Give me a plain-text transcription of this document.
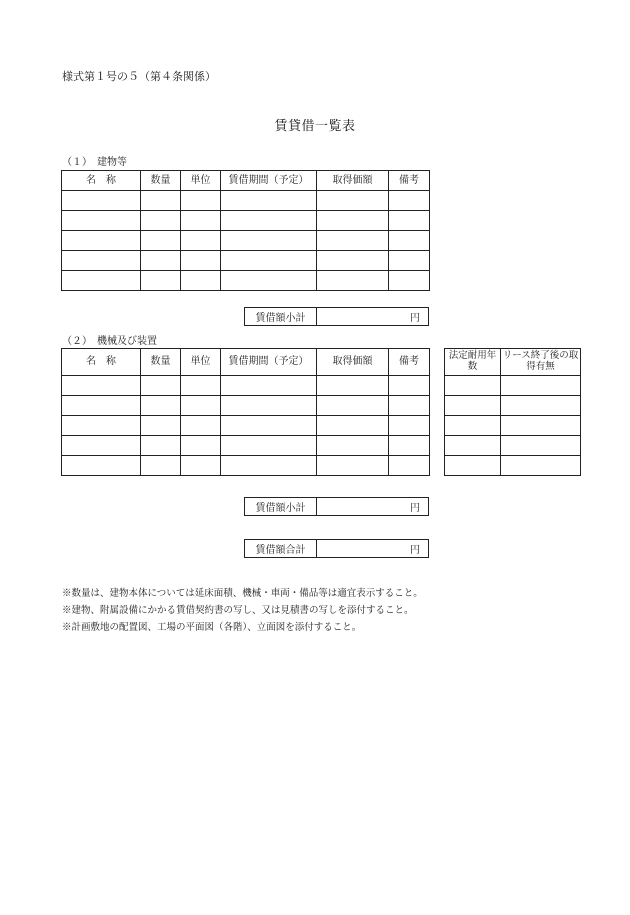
様式第１号の５（第４条関係）
賃貸借一覧表
（１）　建物等
名　称	数量	単位	賃借期間（予定）	取得価額	備考

賃借額小計	円
（２）　機械及び装置
名　称	数量	単位	賃借期間（予定）	取得価額	備考

法定耐用年数	リース終了後の取得有無

賃借額小計	円
賃借額合計	円
※数量は、建物本体については延床面積、機械・車両・備品等は適宜表示すること。
※建物、附属設備にかかる賃借契約書の写し、又は見積書の写しを添付すること。
※計画敷地の配置図、工場の平面図（各階）、立面図を添付すること。
